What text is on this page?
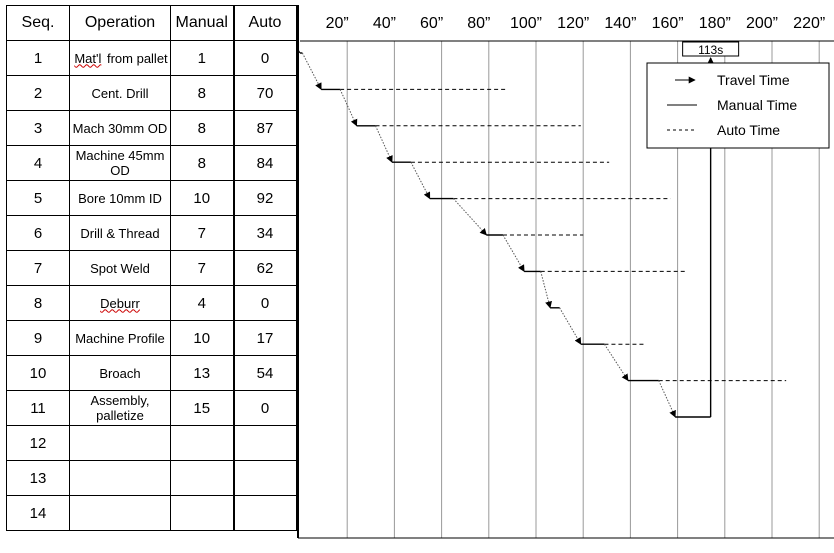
Seq.	Operation	Manual	Auto
1	Mat'l from pallet	1	0
2	Cent. Drill	8	70
3	Mach 30mm OD	8	87
4	Machine 45mm OD	8	84
5	Bore 10mm ID	10	92
6	Drill & Thread	7	34
7	Spot Weld	7	62
8	Deburr	4	0
9	Machine Profile	10	17
10	Broach	13	54
11	Assembly, palletize	15	0
12			
13			
14			
20” 40” 60” 80” 100” 120” 140” 160” 180” 200” 220”
113s
Travel Time
Manual Time
Auto Time
